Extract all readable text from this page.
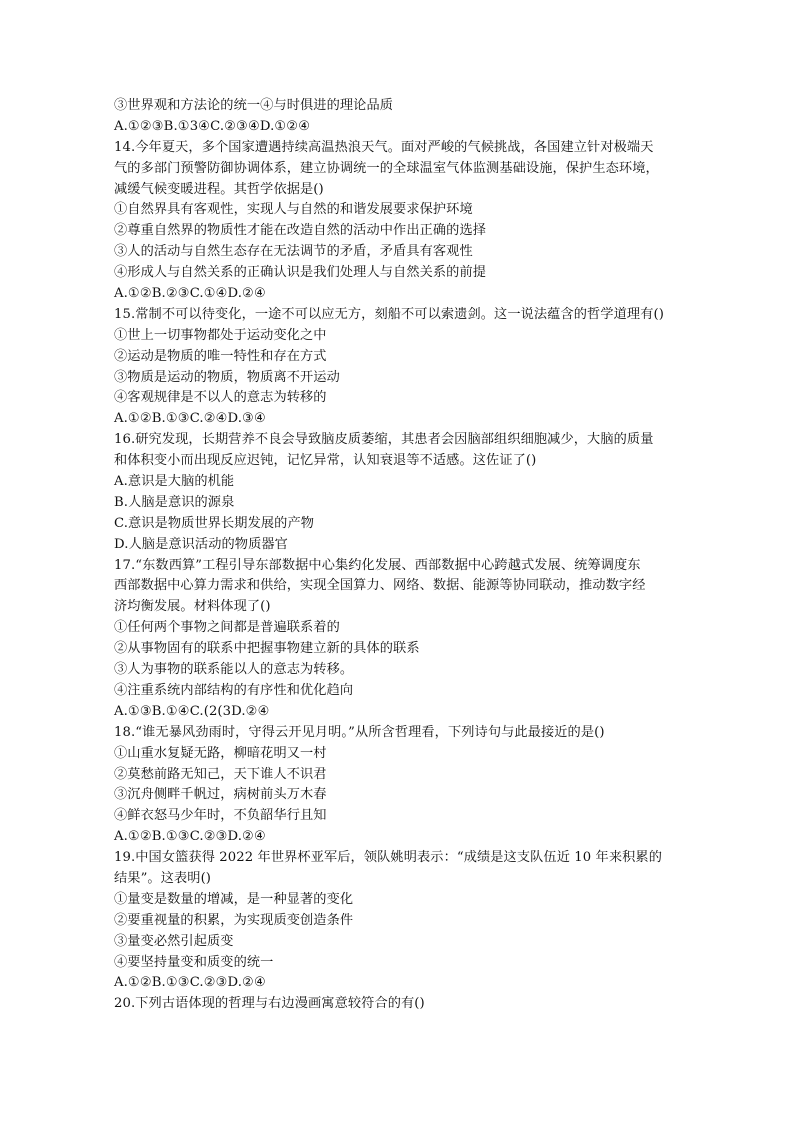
③世界观和方法论的统一④与时俱进的理论品质
A.①②③B.①3④C.②③④D.①②④
14.今年夏天，多个国家遭遇持续高温热浪天气。面对严峻的气候挑战，各国建立针对极端天
气的多部门预警防御协调体系，建立协调统一的全球温室气体监测基础设施，保护生态环境，
减缓气候变暖进程。其哲学依据是()
①自然界具有客观性，实现人与自然的和谐发展要求保护环境
②尊重自然界的物质性才能在改造自然的活动中作出正确的选择
③人的活动与自然生态存在无法调节的矛盾，矛盾具有客观性
④形成人与自然关系的正确认识是我们处理人与自然关系的前提
A.①②B.②③C.①④D.②④
15.常制不可以待变化，一途不可以应无方，刻船不可以索遗剑。这一说法蕴含的哲学道理有()
①世上一切事物都处于运动变化之中
②运动是物质的唯一特性和存在方式
③物质是运动的物质，物质离不开运动
④客观规律是不以人的意志为转移的
A.①②B.①③C.②④D.③④
16.研究发现，长期营养不良会导致脑皮质萎缩，其患者会因脑部组织细胞减少，大脑的质量
和体积变小而出现反应迟钝，记忆异常，认知衰退等不适感。这佐证了()
A.意识是大脑的机能
B.人脑是意识的源泉
C.意识是物质世界长期发展的产物
D.人脑是意识活动的物质器官
17.“东数西算”工程引导东部数据中心集约化发展、西部数据中心跨越式发展、统筹调度东
西部数据中心算力需求和供给，实现全国算力、网络、数据、能源等协同联动，推动数字经
济均衡发展。材料体现了()
①任何两个事物之间都是普遍联系着的
②从事物固有的联系中把握事物建立新的具体的联系
③人为事物的联系能以人的意志为转移。
④注重系统内部结构的有序性和优化趋向
A.①③B.①④C.(2(3D.②④
18.“谁无暴风劲雨时，守得云开见月明。”从所含哲理看，下列诗句与此最接近的是()
①山重水复疑无路，柳暗花明又一村
②莫愁前路无知己，天下谁人不识君
③沉舟侧畔千帆过，病树前头万木春
④鲜衣怒马少年时，不负韶华行且知
A.①②B.①③C.②③D.②④
19.中国女篮获得 2022 年世界杯亚军后，领队姚明表示：“成绩是这支队伍近 10 年来积累的
结果”。这表明()
①量变是数量的增减，是一种显著的变化
②要重视量的积累，为实现质变创造条件
③量变必然引起质变
④要坚持量变和质变的统一
A.①②B.①③C.②③D.②④
20.下列古语体现的哲理与右边漫画寓意较符合的有()
